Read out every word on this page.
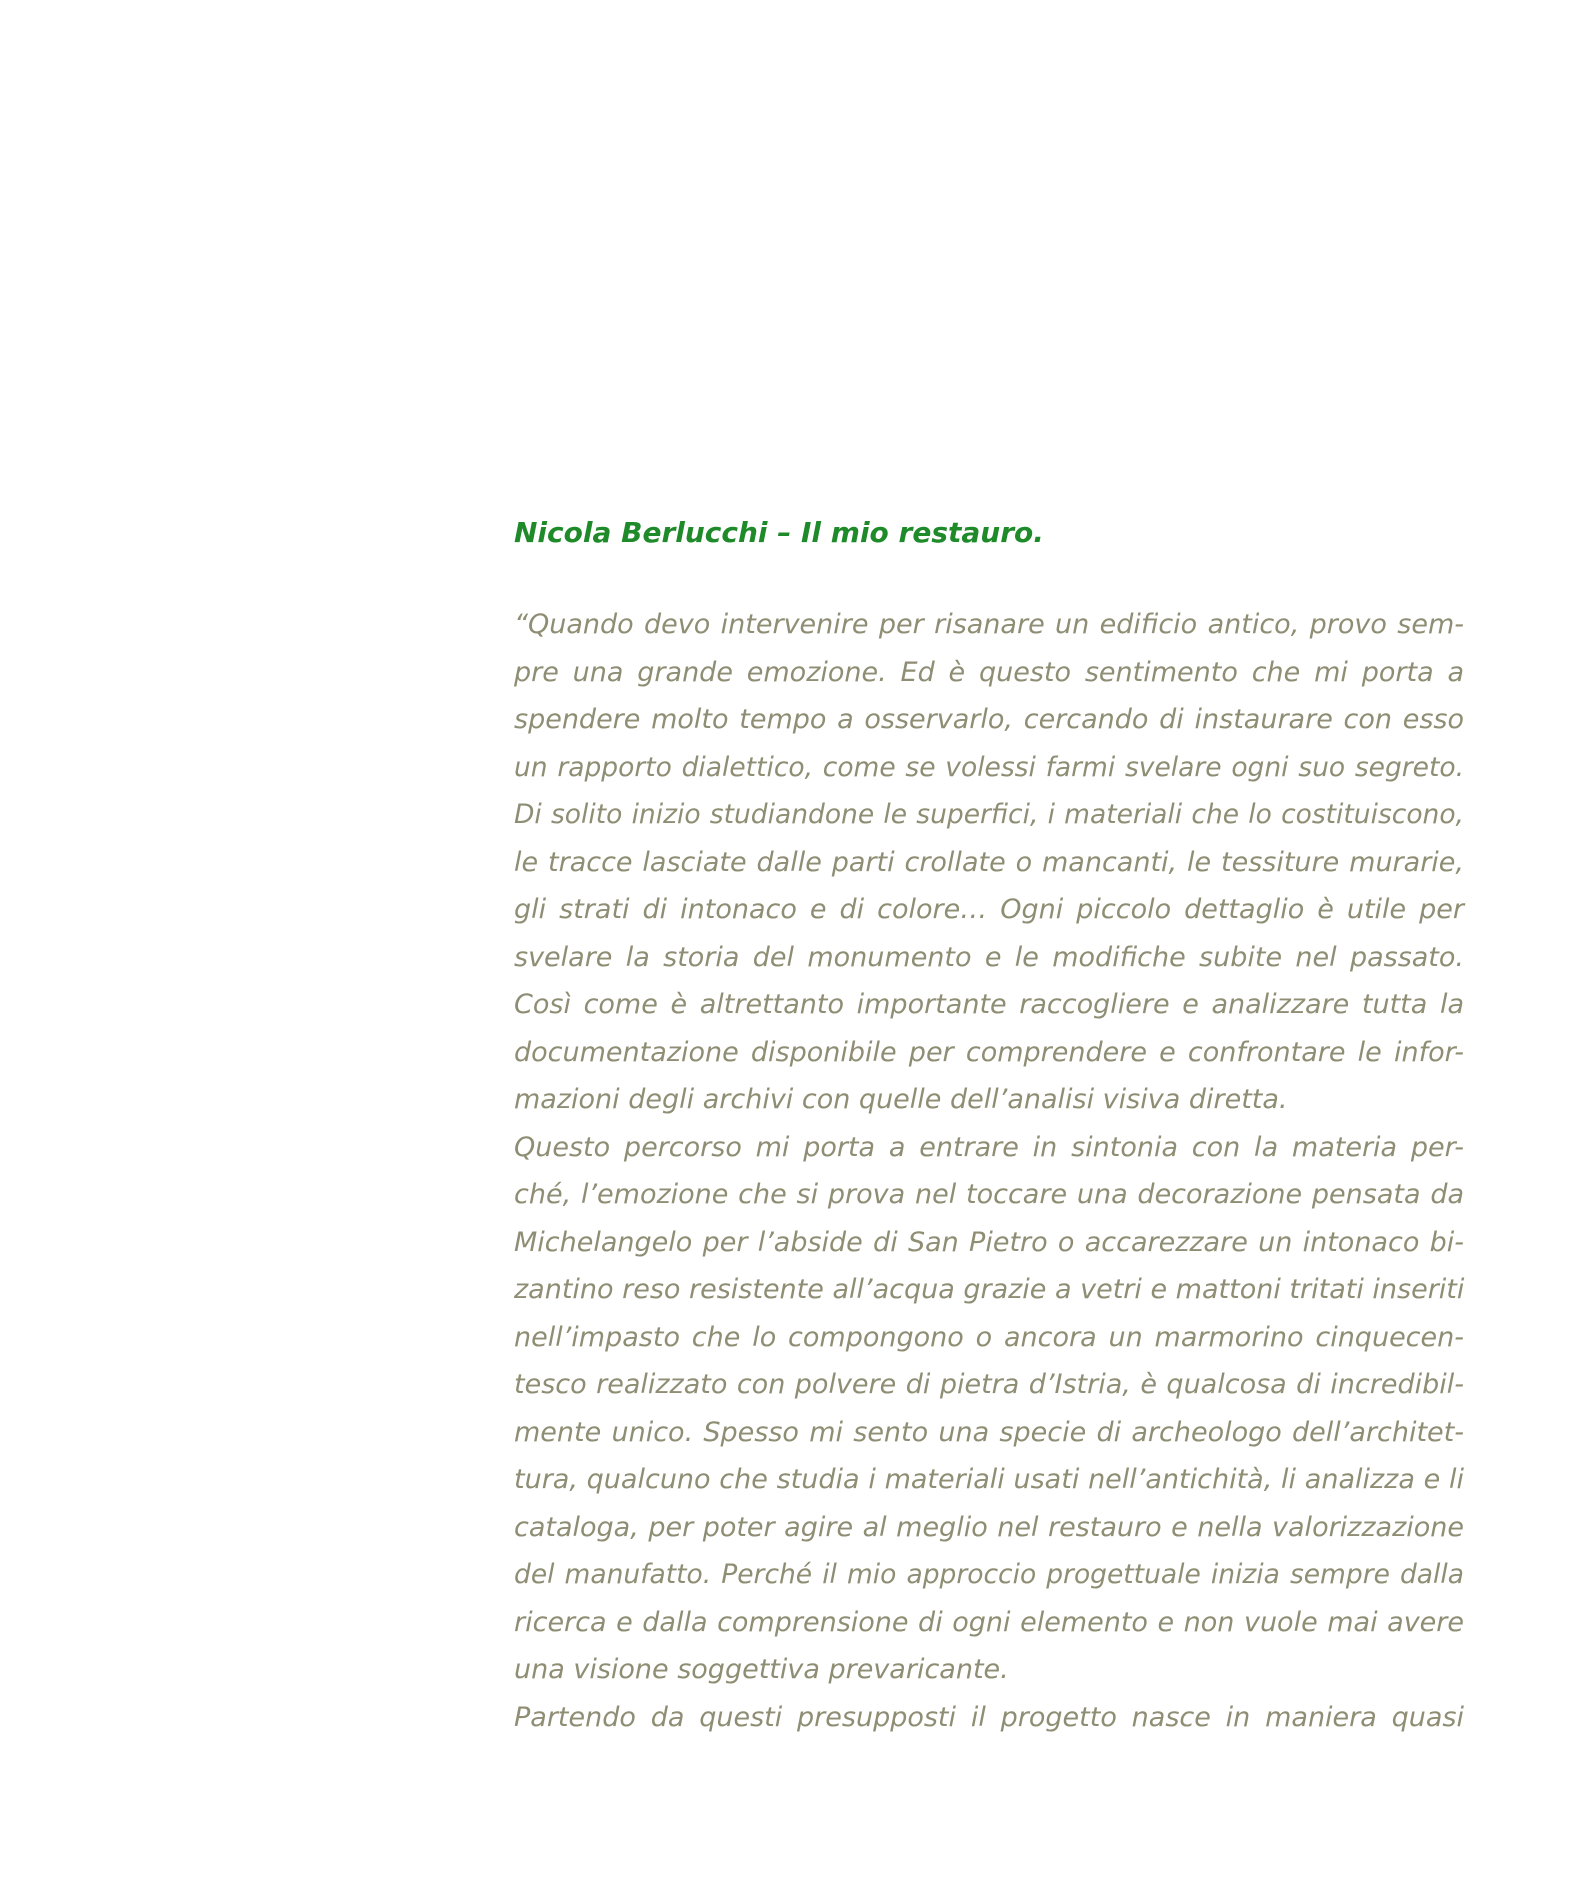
Nicola Berlucchi – Il mio restauro.
“Quando devo intervenire per risanare un edificio antico, provo sem-
pre una grande emozione. Ed è questo sentimento che mi porta a
spendere molto tempo a osservarlo, cercando di instaurare con esso
un rapporto dialettico, come se volessi farmi svelare ogni suo segreto.
Di solito inizio studiandone le superfici, i materiali che lo costituiscono,
le tracce lasciate dalle parti crollate o mancanti, le tessiture murarie,
gli strati di intonaco e di colore… Ogni piccolo dettaglio è utile per
svelare la storia del monumento e le modifiche subite nel passato.
Così come è altrettanto importante raccogliere e analizzare tutta la
documentazione disponibile per comprendere e confrontare le infor-
mazioni degli archivi con quelle dell’analisi visiva diretta.
Questo percorso mi porta a entrare in sintonia con la materia per-
ché, l’emozione che si prova nel toccare una decorazione pensata da
Michelangelo per l’abside di San Pietro o accarezzare un intonaco bi-
zantino reso resistente all’acqua grazie a vetri e mattoni tritati inseriti
nell’impasto che lo compongono o ancora un marmorino cinquecen-
tesco realizzato con polvere di pietra d’Istria, è qualcosa di incredibil-
mente unico. Spesso mi sento una specie di archeologo dell’architet-
tura, qualcuno che studia i materiali usati nell’antichità, li analizza e li
cataloga, per poter agire al meglio nel restauro e nella valorizzazione
del manufatto. Perché il mio approccio progettuale inizia sempre dalla
ricerca e dalla comprensione di ogni elemento e non vuole mai avere
una visione soggettiva prevaricante.
Partendo da questi presupposti il progetto nasce in maniera quasi
